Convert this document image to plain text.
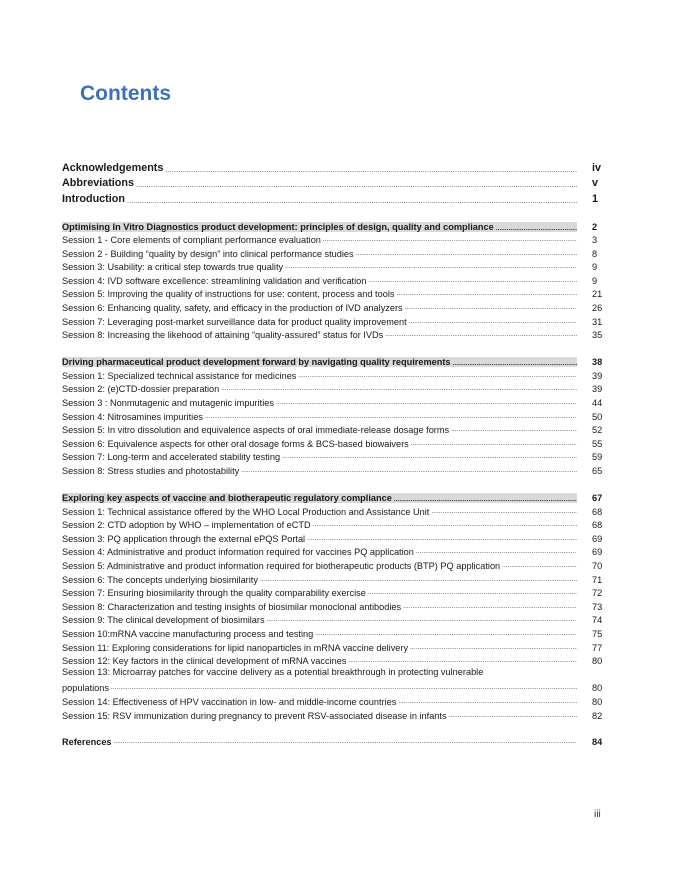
Contents
Acknowledgements .....	iv
Abbreviations .....	v
Introduction .....	1
Optimising In Vitro Diagnostics product development: principles of design, quality and compliance .....	2
Session 1 - Core elements of compliant performance evaluation .....	3
Session 2 - Building “quality by design” into clinical performance studies .....	8
Session 3: Usability: a critical step towards true quality .....	9
Session 4: IVD software excellence: streamlining validation and verification .....	9
Session 5: Improving the quality of instructions for use: content, process and tools .....	21
Session 6: Enhancing quality, safety, and efficacy in the production of IVD analyzers .....	26
Session 7: Leveraging post-market surveillance data for product quality improvement .....	31
Session 8: Increasing the likehood of attaining “quality-assured” status for IVDs .....	35
Driving pharmaceutical product development forward by navigating quality requirements .....	38
Session 1: Specialized technical assistance for medicines .....	39
Session 2: (e)CTD-dossier preparation .....	39
Session 3 : Nonmutagenic and mutagenic impurities .....	44
Session 4: Nitrosamines impurities .....	50
Session 5: In vitro dissolution and equivalence aspects of oral immediate-release dosage forms .....	52
Session 6: Equivalence aspects for other oral dosage forms & BCS-based biowaivers .....	55
Session 7: Long-term and accelerated stability testing .....	59
Session 8: Stress studies and photostability .....	65
Exploring key aspects of vaccine and biotherapeutic regulatory compliance .....	67
Session 1: Technical assistance offered by the WHO Local Production and Assistance Unit .....	68
Session 2: CTD adoption by WHO – implementation of eCTD .....	68
Session 3: PQ application through the external ePQS Portal .....	69
Session 4: Administrative and product information required for vaccines PQ application .....	69
Session 5: Administrative and product information required for biotherapeutic products (BTP) PQ application .....	70
Session 6: The concepts underlying biosimilarity .....	71
Session 7: Ensuring biosimilarity through the quality comparability exercise .....	72
Session 8: Characterization and testing insights of biosimilar monoclonal antibodies .....	73
Session 9: The clinical development of biosimilars .....	74
Session 10:mRNA vaccine manufacturing process and testing .....	75
Session 11: Exploring considerations for lipid nanoparticles in mRNA vaccine delivery .....	77
Session 12: Key factors in the clinical development of mRNA vaccines .....	80
Session 13: Microarray patches for vaccine delivery as a potential breakthrough in protecting vulnerable
populations .....	80
Session 14: Effectiveness of HPV vaccination in low- and middle-income countries .....	80
Session 15: RSV immunization during pregnancy to prevent RSV-associated disease in infants .....	82
References .....	84
iii
